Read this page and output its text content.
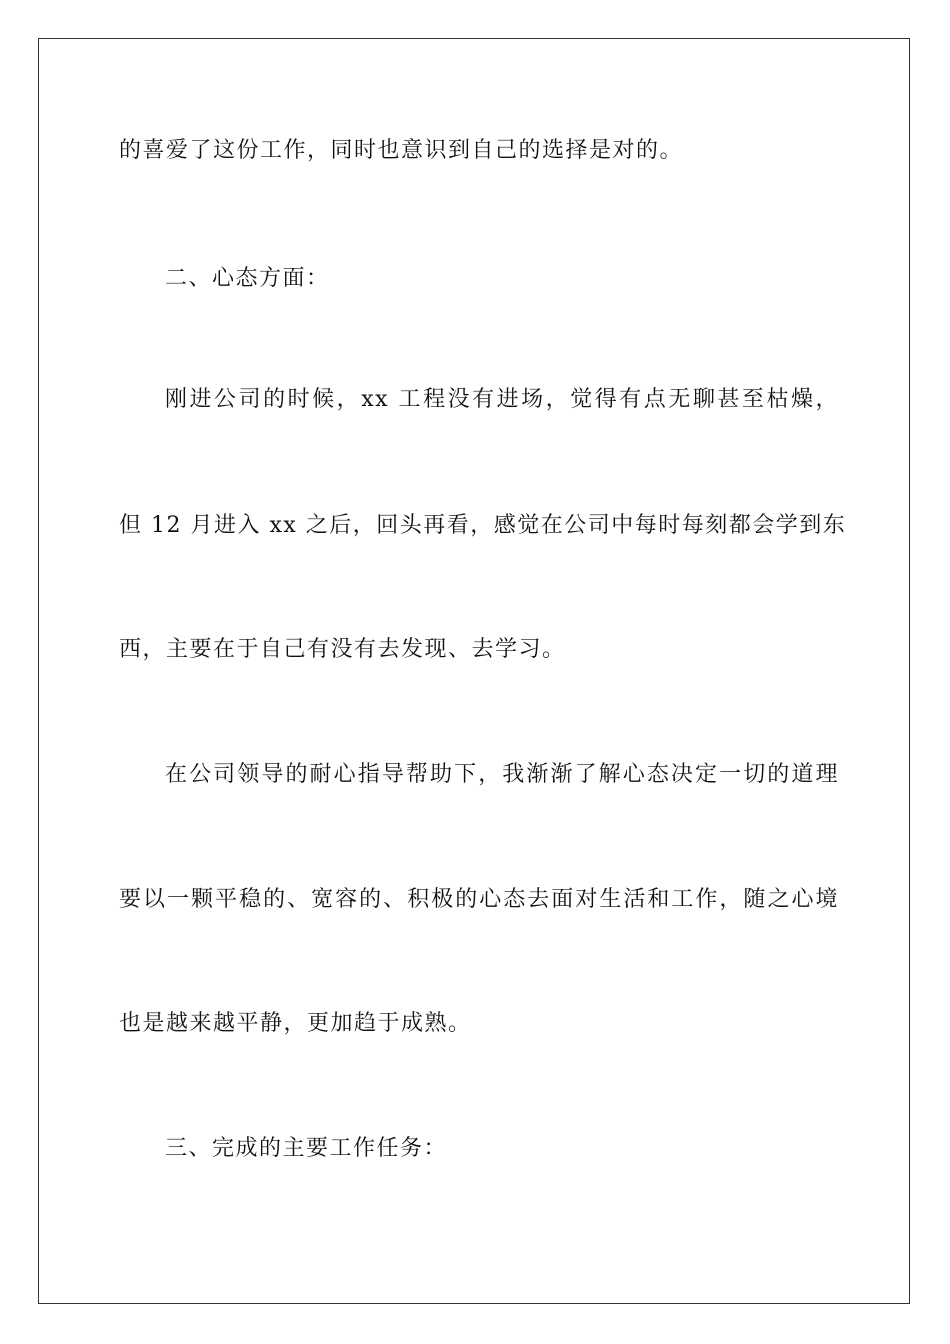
的喜爱了这份工作，同时也意识到自己的选择是对的。
二、心态方面：
刚进公司的时候，xx 工程没有进场，觉得有点无聊甚至枯燥，
但 12 月进入 xx 之后，回头再看，感觉在公司中每时每刻都会学到东
西，主要在于自己有没有去发现、去学习。
在公司领导的耐心指导帮助下，我渐渐了解心态决定一切的道理
要以一颗平稳的、宽容的、积极的心态去面对生活和工作，随之心境
也是越来越平静，更加趋于成熟。
三、完成的主要工作任务：
